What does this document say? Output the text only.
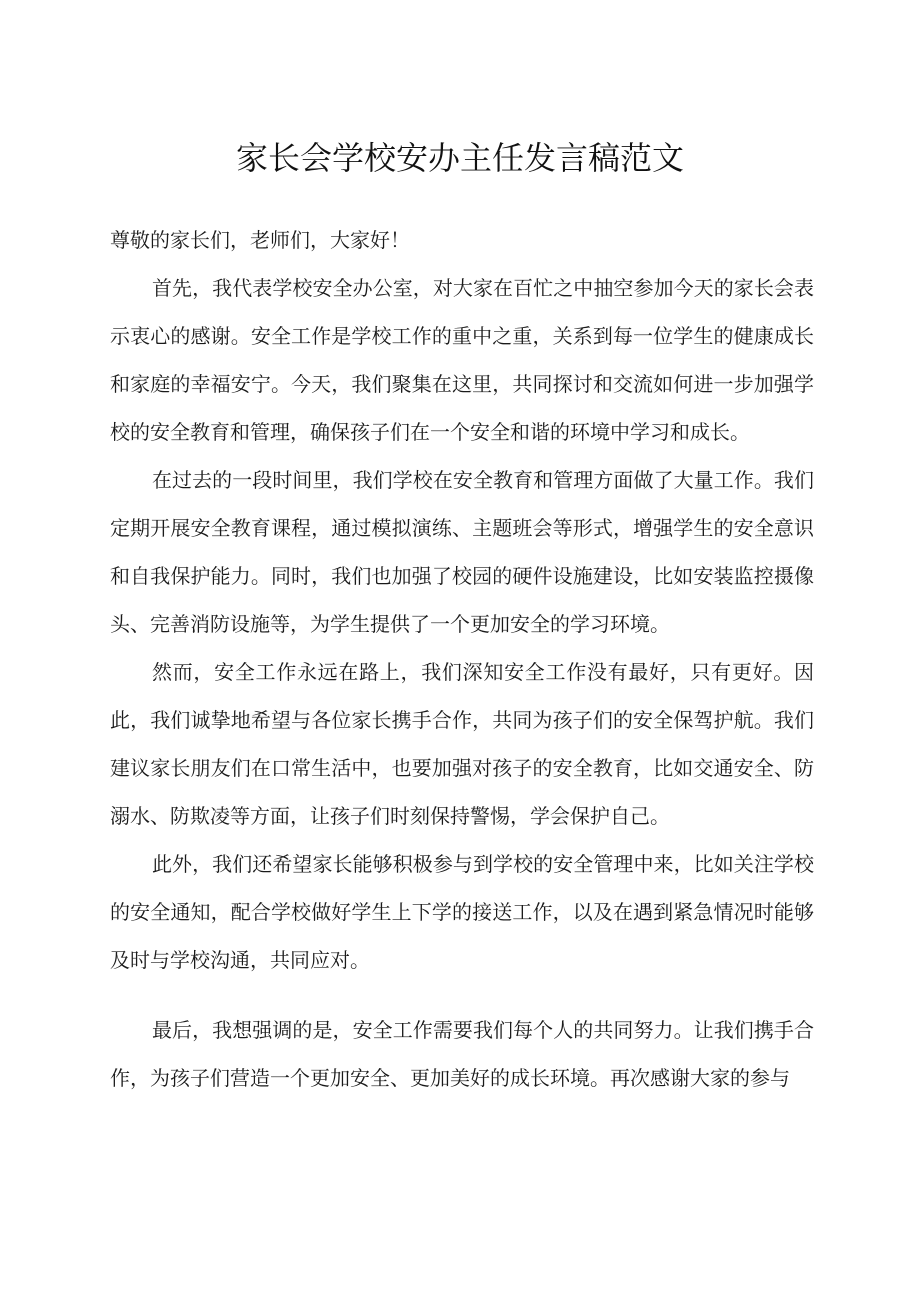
家长会学校安办主任发言稿范文

尊敬的家长们，老师们，大家好！

首先，我代表学校安全办公室，对大家在百忙之中抽空参加今天的家长会表示衷心的感谢。安全工作是学校工作的重中之重，关系到每一位学生的健康成长和家庭的幸福安宁。今天，我们聚集在这里，共同探讨和交流如何进一步加强学校的安全教育和管理，确保孩子们在一个安全和谐的环境中学习和成长。

在过去的一段时间里，我们学校在安全教育和管理方面做了大量工作。我们定期开展安全教育课程，通过模拟演练、主题班会等形式，增强学生的安全意识和自我保护能力。同时，我们也加强了校园的硬件设施建设，比如安装监控摄像头、完善消防设施等，为学生提供了一个更加安全的学习环境。

然而，安全工作永远在路上，我们深知安全工作没有最好，只有更好。因此，我们诚挚地希望与各位家长携手合作，共同为孩子们的安全保驾护航。我们建议家长朋友们在口常生活中，也要加强对孩子的安全教育，比如交通安全、防溺水、防欺凌等方面，让孩子们时刻保持警惕，学会保护自己。

此外，我们还希望家长能够积极参与到学校的安全管理中来，比如关注学校的安全通知，配合学校做好学生上下学的接送工作，以及在遇到紧急情况时能够及时与学校沟通，共同应对。

最后，我想强调的是，安全工作需要我们每个人的共同努力。让我们携手合作，为孩子们营造一个更加安全、更加美好的成长环境。再次感谢大家的参与
